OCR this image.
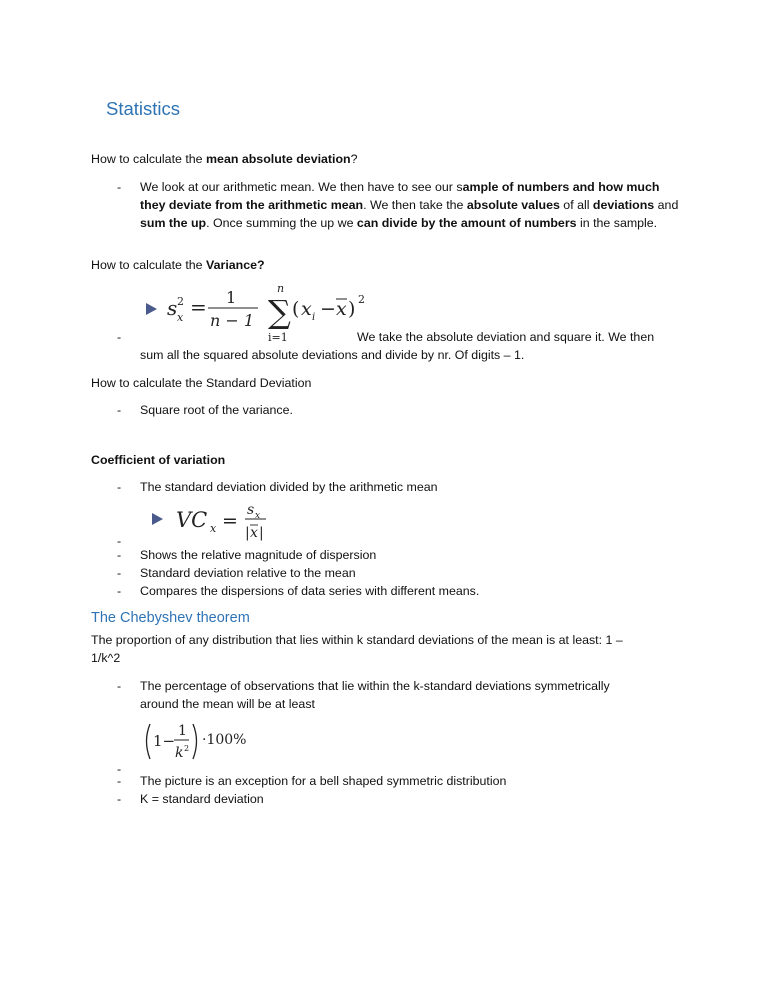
Statistics
How to calculate the mean absolute deviation?
- We look at our arithmetic mean. We then have to see our sample of numbers and how much they deviate from the arithmetic mean. We then take the absolute values of all deviations and sum the up. Once summing the up we can divide by the amount of numbers in the sample.
How to calculate the Variance?
s x
2 = 1
n − 1
n
∑
i=1
( x i − x ) 2
-	We take the absolute deviation and square it. We then
sum all the squared absolute deviations and divide by nr. Of digits – 1.
How to calculate the Standard Deviation
- Square root of the variance.
Coefficient of variation
- The standard deviation divided by the arithmetic mean
VC x = s x
| x |
-
- Shows the relative magnitude of dispersion
- Standard deviation relative to the mean
- Compares the dispersions of data series with different means.
The Chebyshev theorem
The proportion of any distribution that lies within k standard deviations of the mean is at least: 1 –
1/k^2
- The percentage of observations that lie within the k-standard deviations symmetrically
around the mean will be at least
1−
1
k 2
·100%
-
- The picture is an exception for a bell shaped symmetric distribution
- K = standard deviation
